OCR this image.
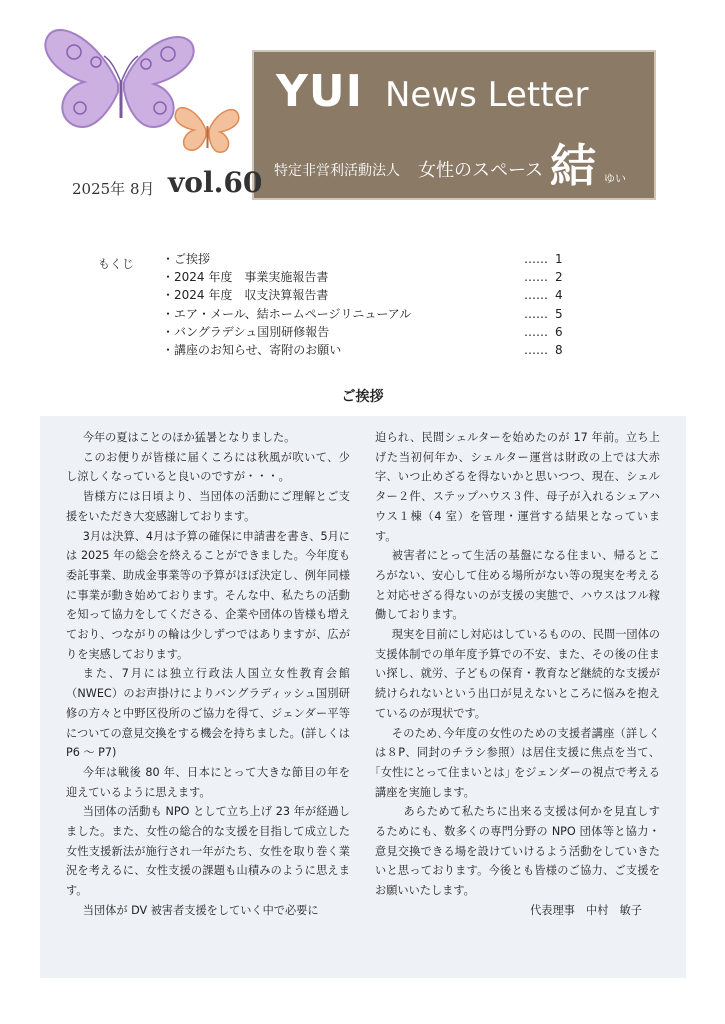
YUI News Letter
特定非営利活動法人 女性のスペース 結 ゆい
2025年 8月 vol.60
もくじ ・ご挨拶	…… 1
・2024 年度　事業実施報告書	…… 2
・2024 年度　収支決算報告書	…… 4
・エア・メール、結ホームページリニューアル	…… 5
・バングラデシュ国別研修報告	…… 6
・講座のお知らせ、寄附のお願い	…… 8
ご挨拶

今年の夏はことのほか猛暑となりました。

このお便りが皆様に届くころには秋風が吹いて、少し涼しくなっていると良いのですが・・・。

皆様方には日頃より、当団体の活動にご理解とご支援をいただき大変感謝しております。

3月は決算、4月は予算の確保に申請書を書き、5月には 2025 年の総会を終えることができました。今年度も委託事業、助成金事業等の予算がほぼ決定し、例年同様に事業が動き始めております。そんな中、私たちの活動を知って協力をしてくださる、企業や団体の皆様も増えており、つながりの輪は少しずつではありますが、広がりを実感しております。

また、7月には独立行政法人国立女性教育会館（NWEC）のお声掛けによりバングラディッシュ国別研修の方々と中野区役所のご協力を得て、ジェンダー平等についての意見交換をする機会を持ちました。(詳しくは P6 ～ P7)

今年は戦後 80 年、日本にとって大きな節目の年を迎えているように思えます。

当団体の活動も NPO として立ち上げ 23 年が経過しました。また、女性の総合的な支援を目指して成立した女性支援新法が施行され一年がたち、女性を取り巻く業況を考えるに、女性支援の課題も山積みのように思えます。

当団体が DV 被害者支援をしていく中で必要に

迫られ、民間シェルターを始めたのが 17 年前。立ち上げた当初何年か、シェルター運営は財政の上では大赤字、いつ止めざるを得ないかと思いつつ、現在、シェルター２件、ステップハウス３件、母子が入れるシェアハウス１棟（4 室）を管理・運営する結果となっています。

被害者にとって生活の基盤になる住まい、帰るところがない、安心して住める場所がない等の現実を考えると対応せざる得ないのが支援の実態で、ハウスはフル稼働しております。

現実を目前にし対応はしているものの、民間一団体の支援体制での単年度予算での不安、また、その後の住まい探し、就労、子どもの保育・教育など継続的な支援が続けられないという出口が見えないところに悩みを抱えているのが現状です。

そのため､今年度の女性のための支援者講座（詳しくは８P、同封のチラシ参照）は居住支援に焦点を当て、｢女性にとって住まいとは｣ をジェンダーの視点で考える講座を実施します。

　あらためて私たちに出来る支援は何かを見直しするためにも、数多くの専門分野の NPO 団体等と協力・意見交換できる場を設けていけるよう活動をしていきたいと思っております。今後とも皆様のご協力、ご支援をお願いいたします。

代表理事　中村　敏子
